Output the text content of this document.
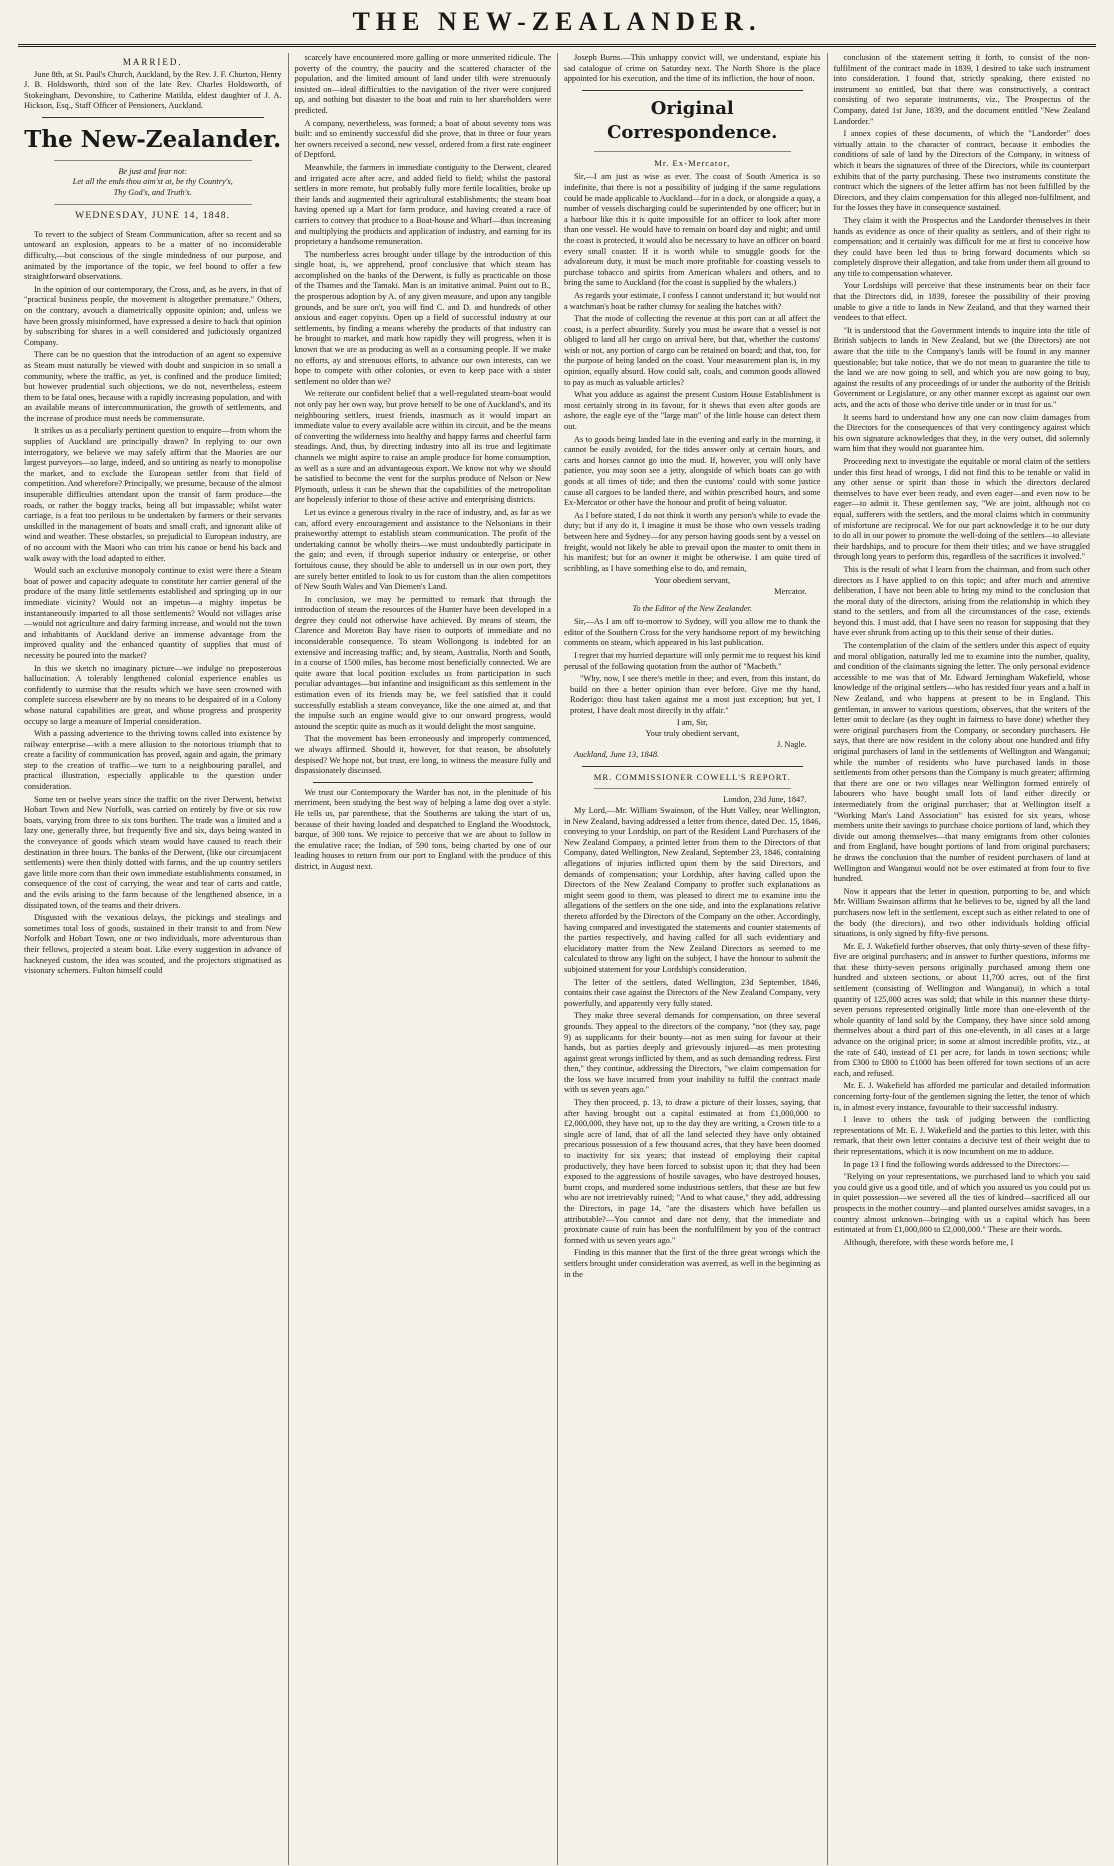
THE NEW-ZEALANDER.
MARRIED.

June 8th, at St. Paul's Church, Auckland, by the Rev. J. F. Churton, Henry J. B. Holdsworth, third son of the late Rev. Charles Holdsworth, of Stokeingham, Devonshire, to Catherine Matilda, eldest daughter of J. A. Hickson, Esq., Staff Officer of Pensioners, Auckland.

The New-Zealander.
Be just and fear not:
Let all the ends thou aim'st at, be thy Country's,
Thy God's, and Truth's.
WEDNESDAY, JUNE 14, 1848.

To revert to the subject of Steam Communication, after so recent and so untoward an explosion, appears to be a matter of no inconsiderable difficulty,—but conscious of the single mindedness of our purpose, and animated by the importance of the topic, we feel bound to offer a few straightforward observations.

In the opinion of our contemporary, the Cross, and, as he avers, in that of "practical business people, the movement is altogether premature." Others, on the contrary, avouch a diametrically opposite opinion; and, unless we have been grossly misinformed, have expressed a desire to back that opinion by subscribing for shares in a well considered and judiciously organized Company.

There can be no question that the introduction of an agent so expensive as Steam must naturally be viewed with doubt and suspicion in so small a community, where the traffic, as yet, is confined and the produce limited; but however prudential such objections, we do not, nevertheless, esteem them to be fatal ones, because with a rapidly increasing population, and with an available means of intercommunication, the growth of settlements, and the increase of produce must needs be commensurate.

It strikes us as a peculiarly pertinent question to enquire—from whom the supplies of Auckland are principally drawn? In replying to our own interrogatory, we believe we may safely affirm that the Maories are our largest purveyors—so large, indeed, and so untiring as nearly to monopolise the market, and to exclude the European settler from that field of competition. And wherefore? Principally, we presume, because of the almost insuperable difficulties attendant upon the transit of farm produce—the roads, or rather the boggy tracks, being all but impassable; whilst water carriage, is a feat too perilous to be undertaken by farmers or their servants unskilled in the management of boats and small craft, and ignorant alike of wind and weather. These obstacles, so prejudicial to European industry, are of no account with the Maori who can trim his canoe or bend his back and walk away with the load adapted to either.

Would such an exclusive monopoly continue to exist were there a Steam boat of power and capacity adequate to constitute her carrier general of the produce of the many little settlements established and springing up in our immediate vicinity? Would not an impetus—a mighty impetus be instantaneously imparted to all those settlements? Would not villages arise—would not agriculture and dairy farming increase, and would not the town and inhabitants of Auckland derive an immense advantage from the improved quality and the enhanced quantity of supplies that must of necessity be poured into the market?

In this we sketch no imaginary picture—we indulge no preposterous hallucination. A tolerably lengthened colonial experience enables us confidently to surmise that the results which we have seen crowned with complete success elsewhere are by no means to be despaired of in a Colony whose natural capabilities are great, and whose progress and prosperity occupy so large a measure of Imperial consideration.

With a passing advertence to the thriving towns called into existence by railway enterprise—with a mere allusion to the notorious triumph that to create a facility of communication has proved, again and again, the primary step to the creation of traffic—we turn to a neighbouring parallel, and practical illustration, especially applicable to the question under consideration.

Some ten or twelve years since the traffic on the river Derwent, betwixt Hobart Town and New Norfolk, was carried on entirely by five or six row boats, varying from three to six tons burthen. The trade was a limited and a lazy one, generally three, but frequently five and six, days being wasted in the conveyance of goods which steam would have caused to reach their destination in three hours. The banks of the Derwent, (like our circumjacent settlements) were then thinly dotted with farms, and the up country settlers gave little more corn than their own immediate establishments consumed, in consequence of the cost of carrying, the wear and tear of carts and cattle, and the evils arising to the farm because of the lengthened absence, in a dissipated town, of the teams and their drivers.

Disgusted with the vexatious delays, the pickings and stealings and sometimes total loss of goods, sustained in their transit to and from New Norfolk and Hobart Town, one or two individuals, more adventurous than their fellows, projected a steam boat. Like every suggestion in advance of hackneyed custom, the idea was scouted, and the projectors stigmatised as visionary schemers. Fulton himself could

scarcely have encountered more galling or more unmerited ridicule. The poverty of the country, the paucity and the scattered character of the population, and the limited amount of land under tilth were strenuously insisted on—ideal difficulties to the navigation of the river were conjured up, and nothing but disaster to the boat and ruin to her shareholders were predicted.

A company, nevertheless, was formed; a boat of about seventy tons was built: and so eminently successful did she prove, that in three or four years her owners received a second, new vessel, ordered from a first rate engineer of Deptford.

Meanwhile, the farmers in immediate contiguity to the Derwent, cleared and irrigated acre after acre, and added field to field; whilst the pastoral settlers in more remote, but probably fully more fertile localities, broke up their lands and augmented their agricultural establishments; the steam boat having opened up a Mart for farm produce, and having created a race of carriers to convey that produce to a Boat-house and Wharf—thus increasing and multiplying the products and application of industry, and earning for its proprietary a handsome remuneration.

The numberless acres brought under tillage by the introduction of this single boat, is, we apprehend, proof conclusive that which steam has accomplished on the banks of the Derwent, is fully as practicable on those of the Thames and the Tamaki. Man is an imitative animal. Point out to B., the prosperous adoption by A. of any given measure, and upon any tangible grounds, and be sure on't, you will find C. and D. and hundreds of other anxious and eager copyists. Open up a field of successful industry at our settlements, by finding a means whereby the products of that industry can be brought to market, and mark how rapidly they will progress, when it is known that we are as producing as well as a consuming people. If we make no efforts, ay and strenuous efforts, to advance our own interests, can we hope to compete with other colonies, or even to keep pace with a sister settlement no older than we?

We reiterate our confident belief that a well-regulated steam-boat would not only pay her own way, but prove herself to be one of Auckland's, and its neighbouring settlers, truest friends, inasmuch as it would impart an immediate value to every available acre within its circuit, and be the means of converting the wilderness into healthy and happy farms and cheerful farm steadings. And, thus, by directing industry into all its true and legitimate channels we might aspire to raise an ample produce for home consumption, as well as a sure and an advantageous export. We know not why we should be satisfied to become the vent for the surplus produce of Nelson or New Plymouth, unless it can be shewn that the capabilities of the metropolitan are hopelessly inferior to those of these active and enterprising districts.

Let us evince a generous rivalry in the race of industry, and, as far as we can, afford every encouragement and assistance to the Nelsonians in their praiseworthy attempt to establish steam communication. The profit of the undertaking cannot be wholly theirs—we must undoubtedly participate in the gain; and even, if through superior industry or enterprise, or other fortuitous cause, they should be able to undersell us in our own port, they are surely better entitled to look to us for custom than the alien competitors of New South Wales and Van Diemen's Land.

In conclusion, we may be permitted to remark that through the introduction of steam the resources of the Hunter have been developed in a degree they could not otherwise have achieved. By means of steam, the Clarence and Moreton Bay have risen to outports of immediate and no inconsiderable consequence. To steam Wollongong is indebted for an extensive and increasing traffic; and, by steam, Australia, North and South, in a course of 1500 miles, has become most beneficially connected. We are quite aware that local position excludes us from participation in such peculiar advantages—but infantine and insignificant as this settlement in the estimation even of its friends may be, we feel satisfied that it could successfully establish a steam conveyance, like the one aimed at, and that the impulse such an engine would give to our onward progress, would astound the sceptic quite as much as it would delight the most sanguine.

That the movement has been erroneously and improperly commenced, we always affirmed. Should it, however, for that reason, be absolutely despised? We hope not, but trust, ere long, to witness the measure fully and dispassionately discussed.

We trust our Contemporary the Warder has not, in the plenitude of his merriment, been studying the best way of helping a lame dog over a style. He tells us, par parenthese, that the Southerns are taking the start of us, because of their having loaded and despatched to England the Woodstock, barque, of 300 tons. We rejoice to perceive that we are about to follow in the emulative race; the Indian, of 590 tons, being charted by one of our leading houses to return from our port to England with the produce of this district, in August next.

Joseph Burns.—This unhappy convict will, we understand, expiate his sad catalogue of crime on Saturday next. The North Shore is the place appointed for his execution, and the time of its infliction, the hour of noon.

Original Correspondence.
Mr. Ex-Mercator,

Sir,—I am just as wise as ever. The coast of South America is so indefinite, that there is not a possibility of judging if the same regulations could be made applicable to Auckland—for in a dock, or alongside a quay, a number of vessels discharging could be superintended by one officer; but in a harbour like this it is quite impossible for an officer to look after more than one vessel. He would have to remain on board day and night; and until the coast is protected, it would also be necessary to have an officer on board every small coaster. If it is worth while to smuggle goods for the advaloreum duty, it must be much more profitable for coasting vessels to purchase tobacco and spirits from American whalers and others, and to bring the same to Auckland (for the coast is supplied by the whalers.)

As regards your estimate, I confess I cannot understand it; but would not a watchman's boat be rather clumsy for sealing the hatches with?

That the mode of collecting the revenue at this port can at all affect the coast, is a perfect absurdity. Surely you must be aware that a vessel is not obliged to land all her cargo on arrival here, but that, whether the customs' wish or not, any portion of cargo can be retained on board; and that, too, for the purpose of being landed on the coast. Your measurement plan is, in my opinion, equally absurd. How could salt, coals, and common goods allowed to pay as much as valuable articles?

What you adduce as against the present Custom House Establishment is most certainly strong in its favour, for it shews that even after goods are ashore, the eagle eye of the "large man" of the little house can detect them out.

As to goods being landed late in the evening and early in the morning, it cannot be easily avoided, for the tides answer only at certain hours, and carts and horses cannot go into the mud. If, however, you will only have patience, you may soon see a jetty, alongside of which boats can go with goods at all times of tide; and then the customs' could with some justice cause all cargoes to be landed there, and within prescribed hours, and some Ex-Mercator or other have the honour and profit of being valuator.

As I before stated, I do not think it worth any person's while to evade the duty; but if any do it, I imagine it must be those who own vessels trading between here and Sydney—for any person having goods sent by a vessel on freight, would not likely be able to prevail upon the master to omit them in his manifest; but for an owner it might be otherwise. I am quite tired of scribbling, as I have something else to do, and remain,

Your obedient servant,
Mercator.
To the Editor of the New Zealander.

Sir,—As I am off to-morrow to Sydney, will you allow me to thank the editor of the Southern Cross for the very handsome report of my bewitching comments on steam, which appeared in his last publication.

I regret that my hurried departure will only permit me to request his kind perusal of the following quotation from the author of "Macbeth."

"Why, now, I see there's mettle in thee; and even, from this instant, do build on thee a better opinion than ever before. Give me thy hand, Roderigo: thou hast taken against me a most just exception; but yet, I protest, I have dealt most directly in thy affair."

I am, Sir,
Your truly obedient servant,
J. Nagle.
Auckland, June 13, 1848.
MR. COMMISSIONER COWELL'S REPORT.
London, 23d June, 1847.

My Lord,—Mr. William Swainson, of the Hutt Valley, near Wellington, in New Zealand, having addressed a letter from thence, dated Dec. 15, 1846, conveying to your Lordship, on part of the Resident Land Purchasers of the New Zealand Company, a printed letter from them to the Directors of that Company, dated Wellington, New Zealand, September 23, 1846, containing allegations of injuries inflicted upon them by the said Directors, and demands of compensation; your Lordship, after having called upon the Directors of the New Zealand Company to proffer such explanations as might seem good to them, was pleased to direct me to examine into the allegations of the settlers on the one side, and into the explanations relative thereto afforded by the Directors of the Company on the other. Accordingly, having compared and investigated the statements and counter statements of the parties respectively, and having called for all such evidentiary and elucidatory matter from the New Zealand Directors as seemed to me calculated to throw any light on the subject, I have the honour to submit the subjoined statement for your Lordship's consideration.

The letter of the settlers, dated Wellington, 23d September, 1846, contains their case against the Directors of the New Zealand Company, very powerfully, and apparently very fully stated.

They make three several demands for compensation, on three several grounds. They appeal to the directors of the company, "not (they say, page 9) as supplicants for their bounty—not as men suing for favour at their hands, but as parties deeply and grievously injured—as men protesting against great wrongs inflicted by them, and as such demanding redress. First then," they continue, addressing the Directors, "we claim compensation for the loss we have incurred from your inability to fulfil the contract made with us seven years ago."

They then proceed, p. 13, to draw a picture of their losses, saying, that after having brought out a capital estimated at from £1,000,000 to £2,000,000, they have not, up to the day they are writing, a Crown title to a single acre of land, that of all the land selected they have only obtained precarious possession of a few thousand acres, that they have been doomed to inactivity for six years; that instead of employing their capital productively, they have been forced to subsist upon it; that they had been exposed to the aggressions of hostile savages, who have destroyed houses, burnt crops, and murdered some industrious settlers, that these are but few who are not irretrievably ruined; "And to what cause," they add, addressing the Directors, in page 14, "are the disasters which have befallen us attributable?—You cannot and dare not deny, that the immediate and proximate cause of ruin has been the nonfulfilment by you of the contract formed with us seven years ago."

Finding in this manner that the first of the three great wrongs which the settlers brought under consideration was averred, as well in the beginning as in the

conclusion of the statement setting it forth, to consist of the non-fulfilment of the contract made in 1839, I desired to take such instrument into consideration. I found that, strictly speaking, there existed no instrument so entitled, but that there was constructively, a contract consisting of two separate instruments, viz., The Prospectus of the Company, dated 1st June, 1839, and the document entitled "New Zealand Landorder."

I annex copies of these documents, of which the "Landorder" does virtually attain to the character of contract, because it embodies the conditions of sale of land by the Directors of the Company, in witness of which it bears the signatures of three of the Directors, while its counterpart exhibits that of the party purchasing. These two instruments constitute the contract which the signers of the letter affirm has not been fulfilled by the Directors, and they claim compensation for this alleged non-fulfilment, and for the losses they have in consequence sustained.

They claim it with the Prospectus and the Landorder themselves in their hands as evidence as once of their quality as settlers, and of their right to compensation; and it certainly was difficult for me at first to conceive how they could have been led thus to bring forward documents which so completely disprove their allegation, and take from under them all ground to any title to compensation whatever.

Your Lordships will perceive that these instruments bear on their face that the Directors did, in 1839, foresee the possibility of their proving unable to give a title to lands in New Zealand, and that they warned their vendees to that effect.

"It is understood that the Government intends to inquire into the title of British subjects to lands in New Zealand, but we (the Directors) are not aware that the title to the Company's lands will be found in any manner questionable; but take notice, that we do not mean to guarantee the title to the land we are now going to sell, and which you are now going to buy, against the results of any proceedings of or under the authority of the British Government or Legislature, or any other manner except as against our own acts, and the acts of those who derive title under or in trust for us."

It seems hard to understand how any one can now claim damages from the Directors for the consequences of that very contingency against which his own signature acknowledges that they, in the very outset, did solemnly warn him that they would not guarantee him.

Proceeding next to investigate the equitable or moral claim of the settlers under this first head of wrongs, I did not find this to be tenable or valid in any other sense or spirit than those in which the directors declared themselves to have ever been ready, and even eager—and even now to be eager—to admit it. These gentlemen say, "We are joint, although not co equal, sufferers with the settlers, and the moral claims which in community of misfortune are reciprocal. We for our part acknowledge it to be our duty to do all in our power to promote the well-doing of the settlers—to alleviate their hardships, and to procure for them their titles; and we have struggled through long years to perform this, regardless of the sacrifices it involved."

This is the result of what I learn from the chairman, and from such other directors as I have applied to on this topic; and after much and attentive deliberation, I have not been able to bring my mind to the conclusion that the moral duty of the directors, arising from the relationship in which they stand to the settlers, and from all the circumstances of the case, extends beyond this. I must add, that I have seen no reason for supposing that they have ever shrunk from acting up to this their sense of their duties.

The contemplation of the claim of the settlers under this aspect of equity and moral obligation, naturally led me to examine into the number, quality, and condition of the claimants signing the letter. The only personal evidence accessible to me was that of Mr. Edward Jerningham Wakefield, whose knowledge of the original settlers—who has resided four years and a half in New Zealand, and who happens at present to be in England. This gentleman, in answer to various questions, observes, that the writers of the letter omit to declare (as they ought in fairness to have done) whether they were original purchasers from the Company, or secondary purchasers. He says, that there are now resident in the colony about one hundred and fifty original purchasers of land in the settlements of Wellington and Wanganui; while the number of residents who have purchased lands in those settlements from other persons than the Company is much greater; affirming that there are one or two villages near Wellington formed entirely of labourers who have bought small lots of land either directly or intermediately from the original purchaser; that at Wellington itself a "Working Man's Land Association" has existed for six years, whose members unite their savings to purchase choice portions of land, which they divide out among themselves—that many emigrants from other colonies and from England, have bought portions of land from original purchasers; he draws the conclusion that the number of resident purchasers of land at Wellington and Wanganui would not be over estimated at from four to five hundred.

Now it appears that the letter in question, purporting to be, and which Mr. William Swainson affirms that he believes to be, signed by all the land purchasers now left in the settlement, except such as either related to one of the body (the directors), and two other individuals holding official situations, is only signed by fifty-five persons.

Mr. E. J. Wakefield further observes, that only thirty-seven of these fifty-five are original purchasers; and in answer to further questions, informs me that these thirty-seven persons originally purchased among them one hundred and sixteen sections, or about 11,700 acres, out of the first settlement (consisting of Wellington and Wanganui), in which a total quantity of 125,000 acres was sold; that while in this manner these thirty-seven persons represented originally little more than one-eleventh of the whole quantity of land sold by the Company, they have since sold among themselves about a third part of this one-eleventh, in all cases at a large advance on the original price; in some at almost incredible profits, viz., at the rate of £40, instead of £1 per acre, for lands in town sections; while from £300 to £800 to £1000 has been offered for town sections of an acre each, and refused.

Mr. E. J. Wakefield has afforded me particular and detailed information concerning forty-four of the gentlemen signing the letter, the tenor of which is, in almost every instance, favourable to their successful industry.

I leave to others the task of judging between the conflicting representations of Mr. E. J. Wakefield and the parties to this letter, with this remark, that their own letter contains a decisive test of their weight due to their representations, which it is now incumbent on me to adduce.

In page 13 I find the following words addressed to the Directors:—

"Relying on your representations, we purchased land to which you said you could give us a good title, and of which you assured us you could put us in quiet possession—we severed all the ties of kindred—sacrificed all our prospects in the mother country—and planted ourselves amidst savages, in a country almost unknown—bringing with us a capital which has been estimated at from £1,000,000 to £2,000,000." These are their words.

Although, therefore, with these words before me, I
